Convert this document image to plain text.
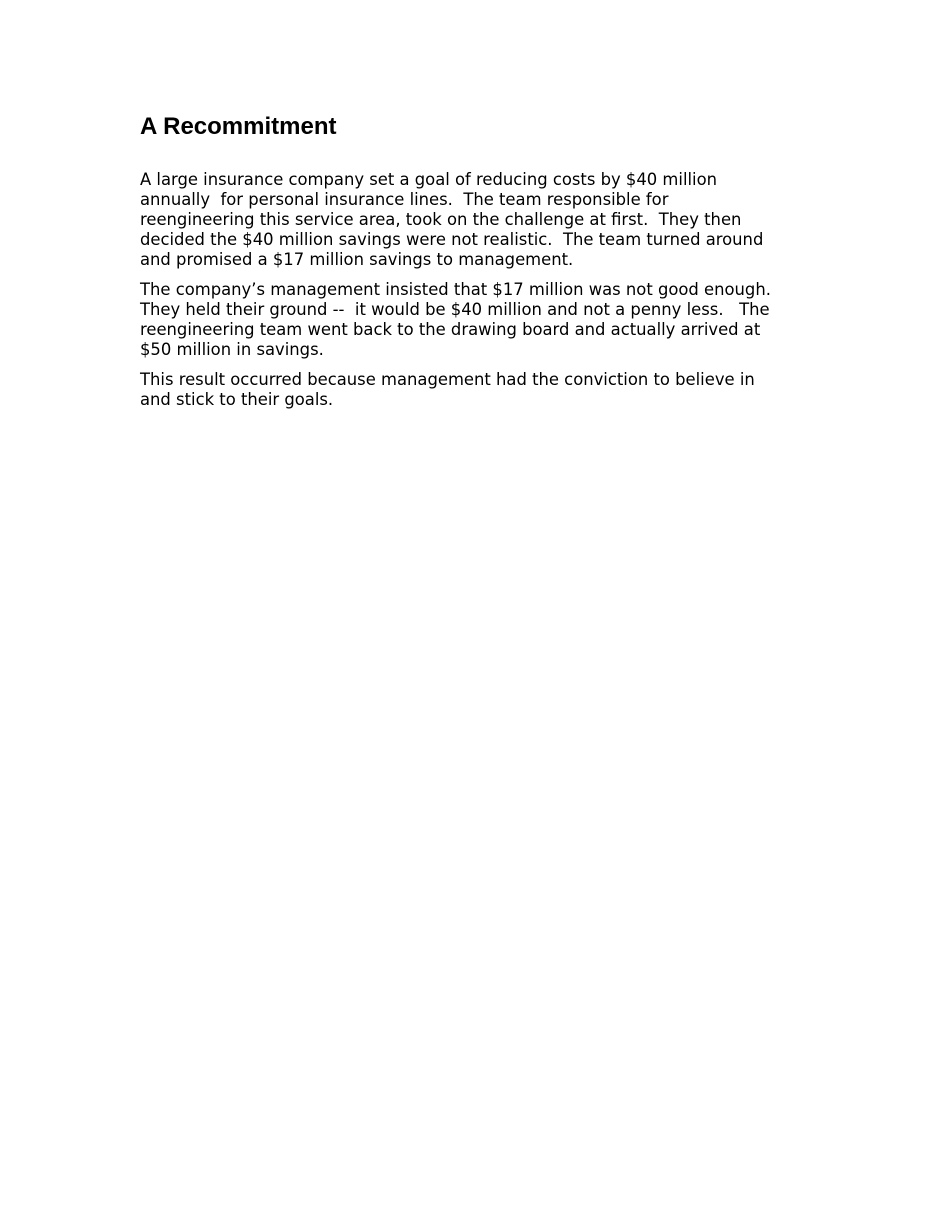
A Recommitment

A large insurance company set a goal of reducing costs by $40 million
annually  for personal insurance lines.  The team responsible for
reengineering this service area, took on the challenge at first.  They then
decided the $40 million savings were not realistic.  The team turned around
and promised a $17 million savings to management.

The company’s management insisted that $17 million was not good enough.
They held their ground --  it would be $40 million and not a penny less.   The
reengineering team went back to the drawing board and actually arrived at
$50 million in savings.

This result occurred because management had the conviction to believe in
and stick to their goals.
